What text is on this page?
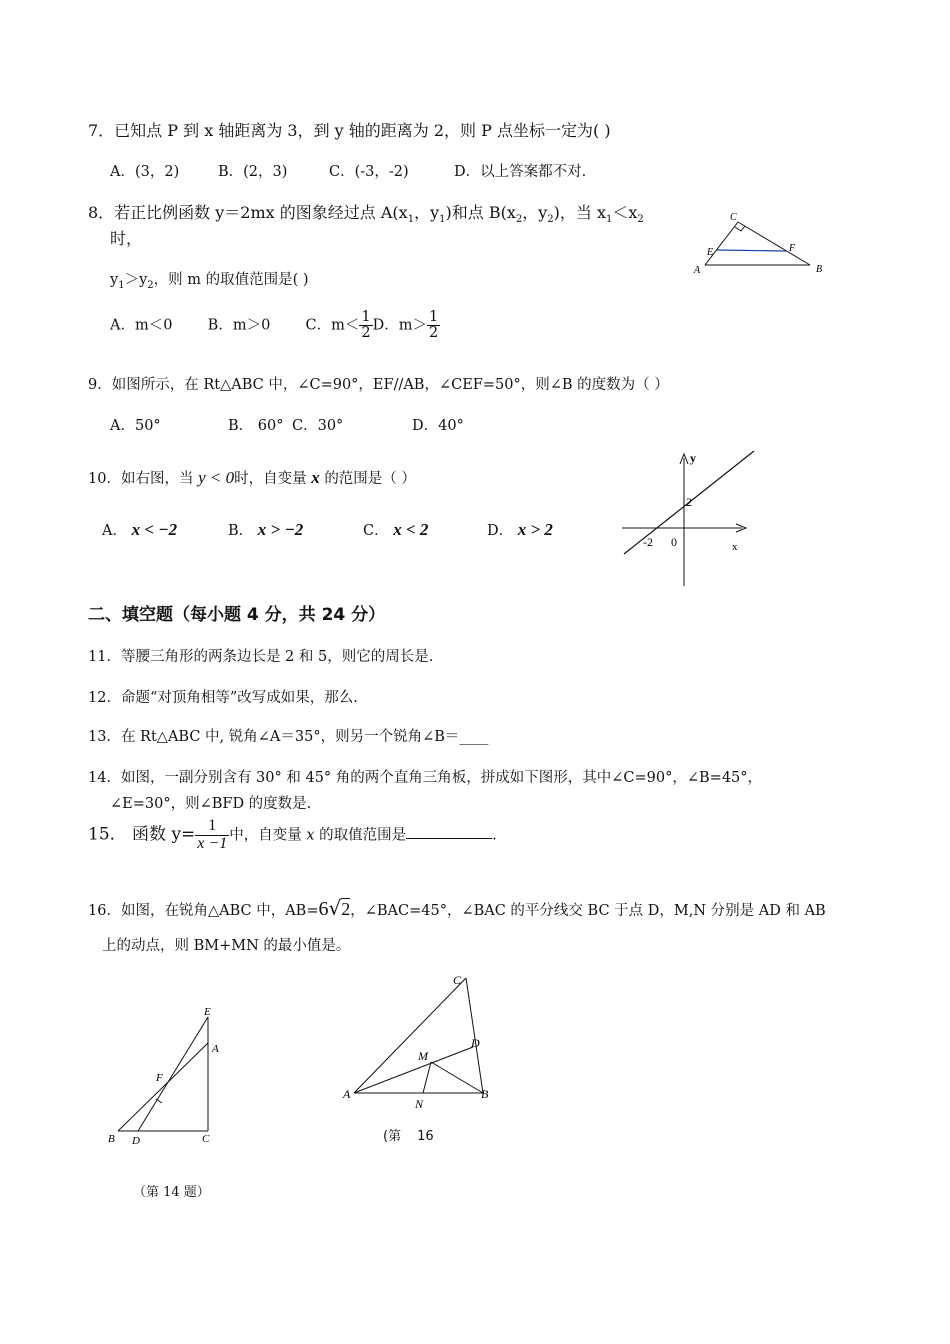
7．已知点 P 到 x 轴距离为 3，到 y 轴的距离为 2，则 P 点坐标一定为( )
A．(3，2)	B．(2，3)	C．(-3，-2)	D．以上答案都不对.
8．若正比例函数 y＝2mx 的图象经过点 $A(x_1$，$y_1$)和点 $B(x_2$，$y_2$)，当 $x_1<x_2$
时，
$y_1>y_2$，则 m 的取值范围是( )
A．m＜0 B．m＞0 C．$m< \frac{1}{2}$ D．$m> \frac{1}{2}$
C
E	F
A	B
9．如图所示，在 Rt△ABC 中，∠C=90°，EF//AB，∠CEF=50°，则∠B 的度数为（ ）
A．50°	B． 60° C．30°	D．40°
10．如右图，当 y < 0时，自变量 x 的范围是（ ）
A． x < −2	B． x > −2	C． x < 2	D． x > 2
y
x
2
-2 0
二、填空题（每小题 4 分，共 24 分）
11．等腰三角形的两条边长是 2 和 5，则它的周长是.
12．命题“对顶角相等”改写成如果，那么.
13．在 Rt△ABC 中, 锐角∠A＝35°，则另一个锐角∠B＝____
14．如图，一副分别含有 30° 和 45° 角的两个直角三角板，拼成如下图形，其中∠C=90°，∠B=45°，
∠E=30°，则∠BFD 的度数是.
15． 函数 $y= \frac{1}{x -1}$ 中，自变量 x 的取值范围是	.
16．如图，在锐角△ABC 中，AB=6√2，∠BAC=45°，∠BAC 的平分线交 BC 于点 D，M,N 分别是 AD 和 AB
上的动点，则 BM+MN 的最小值是。
E
A
F
B D	C
（第 14 题）
C
D
M
A
N
B
(第 16
